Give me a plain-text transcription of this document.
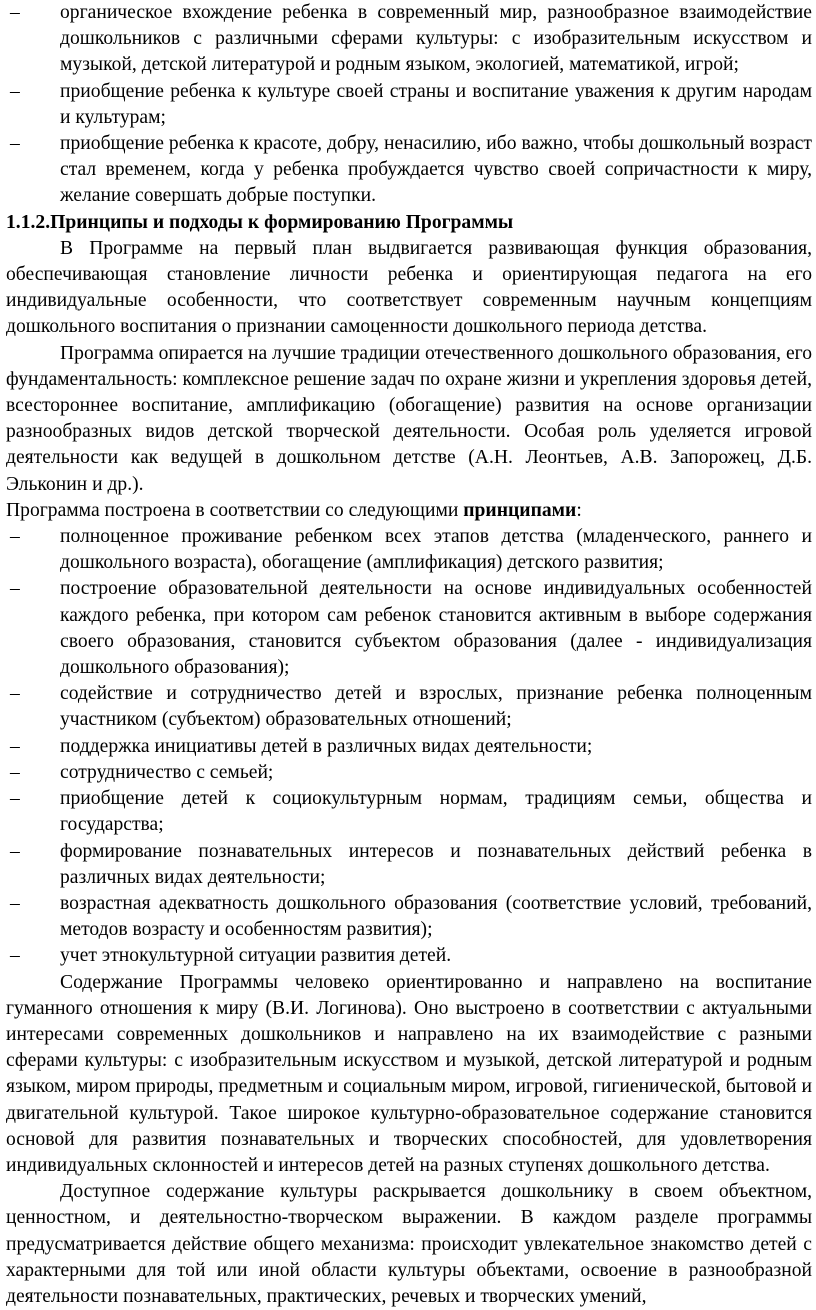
– органическое вхождение ребенка в современный мир, разнообразное взаимодействие дошкольников с различными сферами культуры: с изобразительным искусством и музыкой, детской литературой и родным языком, экологией, математикой, игрой;
– приобщение ребенка к культуре своей страны и воспитание уважения к другим народам и культурам;
– приобщение ребенка к красоте, добру, ненасилию, ибо важно, чтобы дошкольный возраст стал временем, когда у ребенка пробуждается чувство своей сопричастности к миру, желание совершать добрые поступки.

1.1.2.Принципы и подходы к формированию Программы

В Программе на первый план выдвигается развивающая функция образования, обеспечивающая становление личности ребенка и ориентирующая педагога на его индивидуальные особенности, что соответствует современным научным концепциям дошкольного воспитания о признании самоценности дошкольного периода детства.

Программа опирается на лучшие традиции отечественного дошкольного образования, его фундаментальность: комплексное решение задач по охране жизни и укрепления здоровья детей, всестороннее воспитание, амплификацию (обогащение) развития на основе организации разнообразных видов детской творческой деятельности. Особая роль уделяется игровой деятельности как ведущей в дошкольном детстве (А.Н. Леонтьев, А.В. Запорожец, Д.Б. Эльконин и др.).

Программа построена в соответствии со следующими принципами:

– полноценное проживание ребенком всех этапов детства (младенческого, раннего и дошкольного возраста), обогащение (амплификация) детского развития;
– построение образовательной деятельности на основе индивидуальных особенностей каждого ребенка, при котором сам ребенок становится активным в выборе содержания своего образования, становится субъектом образования (далее - индивидуализация дошкольного образования);
– содействие и сотрудничество детей и взрослых, признание ребенка полноценным участником (субъектом) образовательных отношений;
– поддержка инициативы детей в различных видах деятельности;
– сотрудничество с семьей;
– приобщение детей к социокультурным нормам, традициям семьи, общества и государства;
– формирование познавательных интересов и познавательных действий ребенка в различных видах деятельности;
– возрастная адекватность дошкольного образования (соответствие условий, требований, методов возрасту и особенностям развития);
– учет этнокультурной ситуации развития детей.

Содержание Программы человеко ориентированно и направлено на воспитание гуманного отношения к миру (В.И. Логинова). Оно выстроено в соответствии с актуальными интересами современных дошкольников и направлено на их взаимодействие с разными сферами культуры: с изобразительным искусством и музыкой, детской литературой и родным языком, миром природы, предметным и социальным миром, игровой, гигиенической, бытовой и двигательной культурой. Такое широкое культурно-образовательное содержание становится основой для развития познавательных и творческих способностей, для удовлетворения индивидуальных склонностей и интересов детей на разных ступенях дошкольного детства.

Доступное содержание культуры раскрывается дошкольнику в своем объектном, ценностном, и деятельностно-творческом выражении. В каждом разделе программы предусматривается действие общего механизма: происходит увлекательное знакомство детей с характерными для той или иной области культуры объектами, освоение в разнообразной деятельности познавательных, практических, речевых и творческих умений,
